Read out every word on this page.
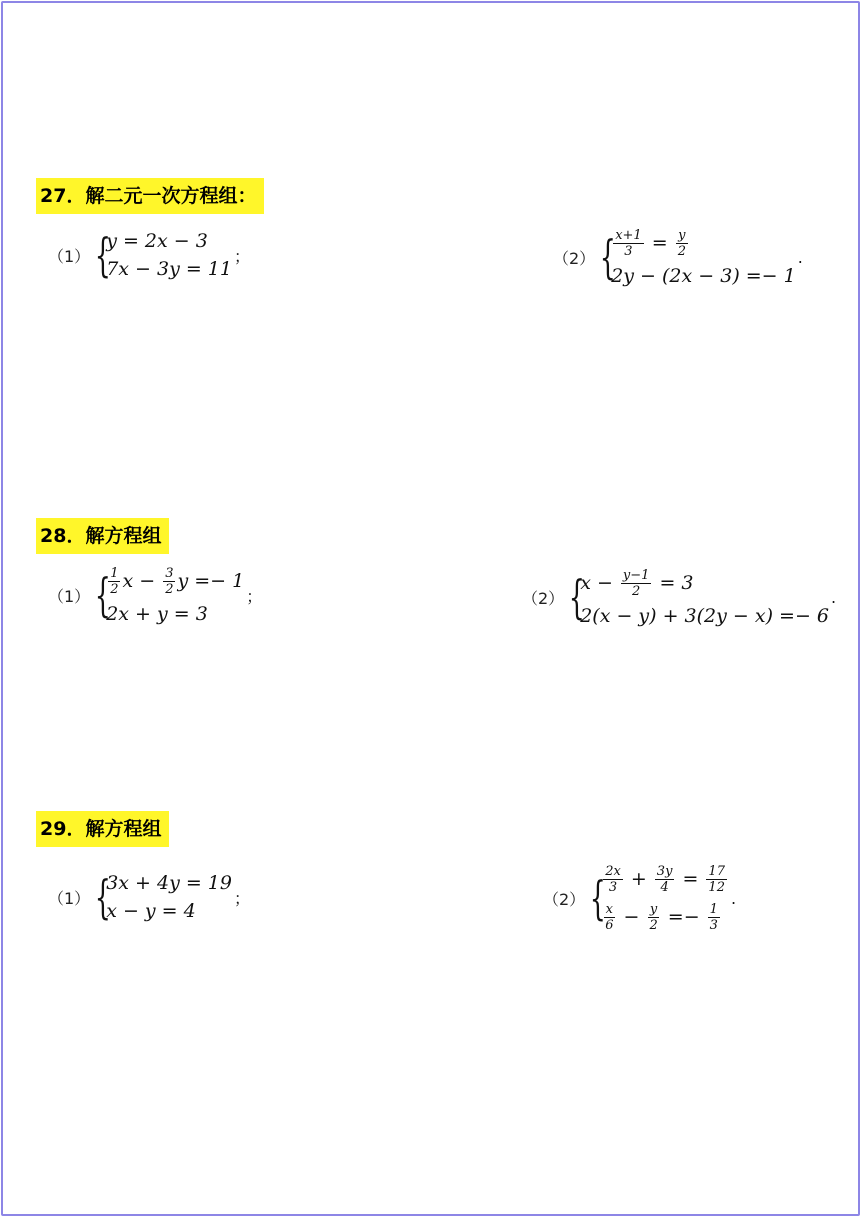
27．解二元一次方程组：
（1） {
y = 2x − 3
7x − 3y = 11
；	（2） {
$\frac{x+1}{3} = \frac{y}{2}$
2y − (2x − 3) =− 1
.
28．解方程组
（1） {
$\frac{1}{2}$ $x - \frac{3}{2}$ y =− 1
2x + y = 3
；	（2） {
$x - \frac{y-1}{2} = 3$
2(x − y) + 3(2y − x) =− 6
.
29．解方程组
（1） {
3x + 4y = 19
x − y = 4
；	（2） {
$\frac{2x}{3} + \frac{3y}{4} = \frac{17}{12}$
$\frac{x}{6} - \frac{y}{2} =- \frac{1}{3}$
.
